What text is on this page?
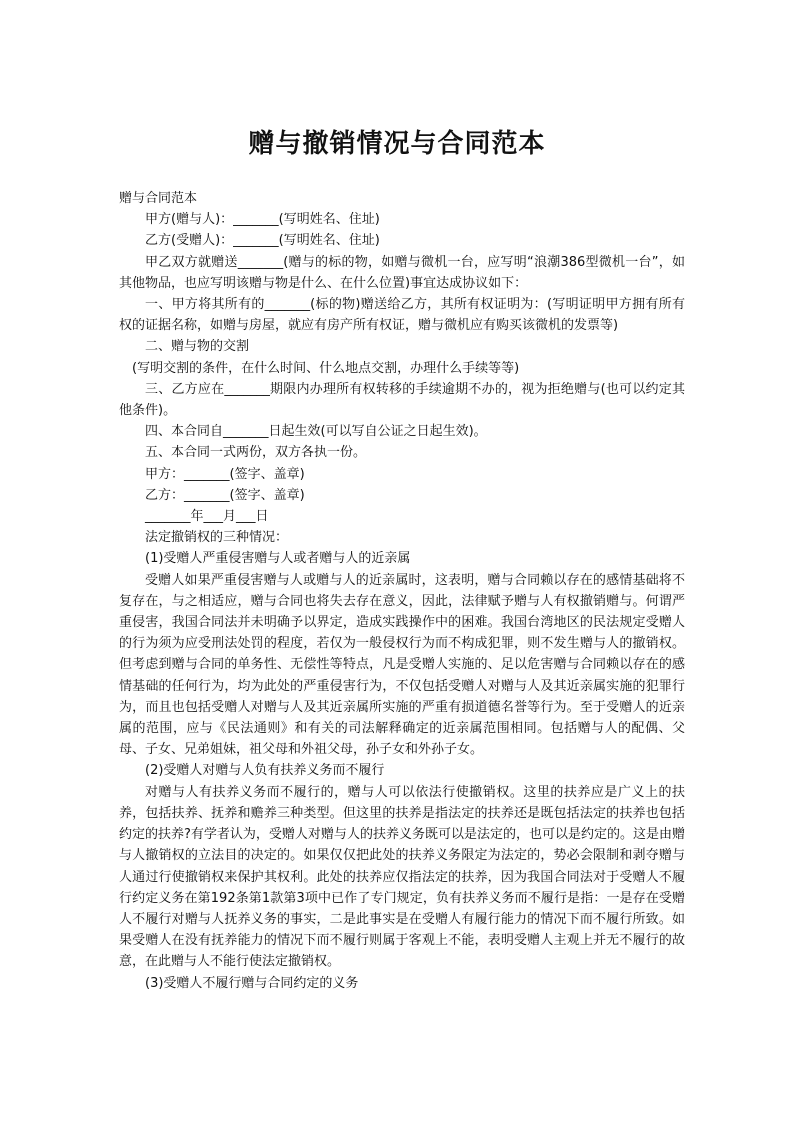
赠与撤销情况与合同范本

赠与合同范本

甲方(赠与人)：_______(写明姓名、住址)

乙方(受赠人)：_______(写明姓名、住址)

甲乙双方就赠送_______(赠与的标的物，如赠与微机一台，应写明“浪潮386型微机一台”，如其他物品，也应写明该赠与物是什么、在什么位置)事宜达成协议如下：

一、甲方将其所有的_______(标的物)赠送给乙方，其所有权证明为：(写明证明甲方拥有所有权的证据名称，如赠与房屋，就应有房产所有权证，赠与微机应有购买该微机的发票等)

二、赠与物的交割

(写明交割的条件，在什么时间、什么地点交割，办理什么手续等等)

三、乙方应在_______期限内办理所有权转移的手续逾期不办的，视为拒绝赠与(也可以约定其他条件)。

四、本合同自_______日起生效(可以写自公证之日起生效)。

五、本合同一式两份，双方各执一份。

甲方：_______(签字、盖章)

乙方：_______(签字、盖章)

_______年___月___日

法定撤销权的三种情况：

(1)受赠人严重侵害赠与人或者赠与人的近亲属

受赠人如果严重侵害赠与人或赠与人的近亲属时，这表明，赠与合同赖以存在的感情基础将不复存在，与之相适应，赠与合同也将失去存在意义，因此，法律赋予赠与人有权撤销赠与。何谓严重侵害，我国合同法并未明确予以界定，造成实践操作中的困难。我国台湾地区的民法规定受赠人的行为须为应受刑法处罚的程度，若仅为一般侵权行为而不构成犯罪，则不发生赠与人的撤销权。但考虑到赠与合同的单务性、无偿性等特点，凡是受赠人实施的、足以危害赠与合同赖以存在的感情基础的任何行为，均为此处的严重侵害行为，不仅包括受赠人对赠与人及其近亲属实施的犯罪行为，而且也包括受赠人对赠与人及其近亲属所实施的严重有损道德名誉等行为。至于受赠人的近亲属的范围，应与《民法通则》和有关的司法解释确定的近亲属范围相同。包括赠与人的配偶、父母、子女、兄弟姐妹，祖父母和外祖父母，孙子女和外孙子女。

(2)受赠人对赠与人负有扶养义务而不履行

对赠与人有扶养义务而不履行的，赠与人可以依法行使撤销权。这里的扶养应是广义上的扶养，包括扶养、抚养和赡养三种类型。但这里的扶养是指法定的扶养还是既包括法定的扶养也包括约定的扶养?有学者认为，受赠人对赠与人的扶养义务既可以是法定的，也可以是约定的。这是由赠与人撤销权的立法目的决定的。如果仅仅把此处的扶养义务限定为法定的，势必会限制和剥夺赠与人通过行使撤销权来保护其权利。此处的扶养应仅指法定的扶养，因为我国合同法对于受赠人不履行约定义务在第192条第1款第3项中已作了专门规定，负有扶养义务而不履行是指：一是存在受赠人不履行对赠与人抚养义务的事实，二是此事实是在受赠人有履行能力的情况下而不履行所致。如果受赠人在没有抚养能力的情况下而不履行则属于客观上不能，表明受赠人主观上并无不履行的故意，在此赠与人不能行使法定撤销权。

(3)受赠人不履行赠与合同约定的义务
